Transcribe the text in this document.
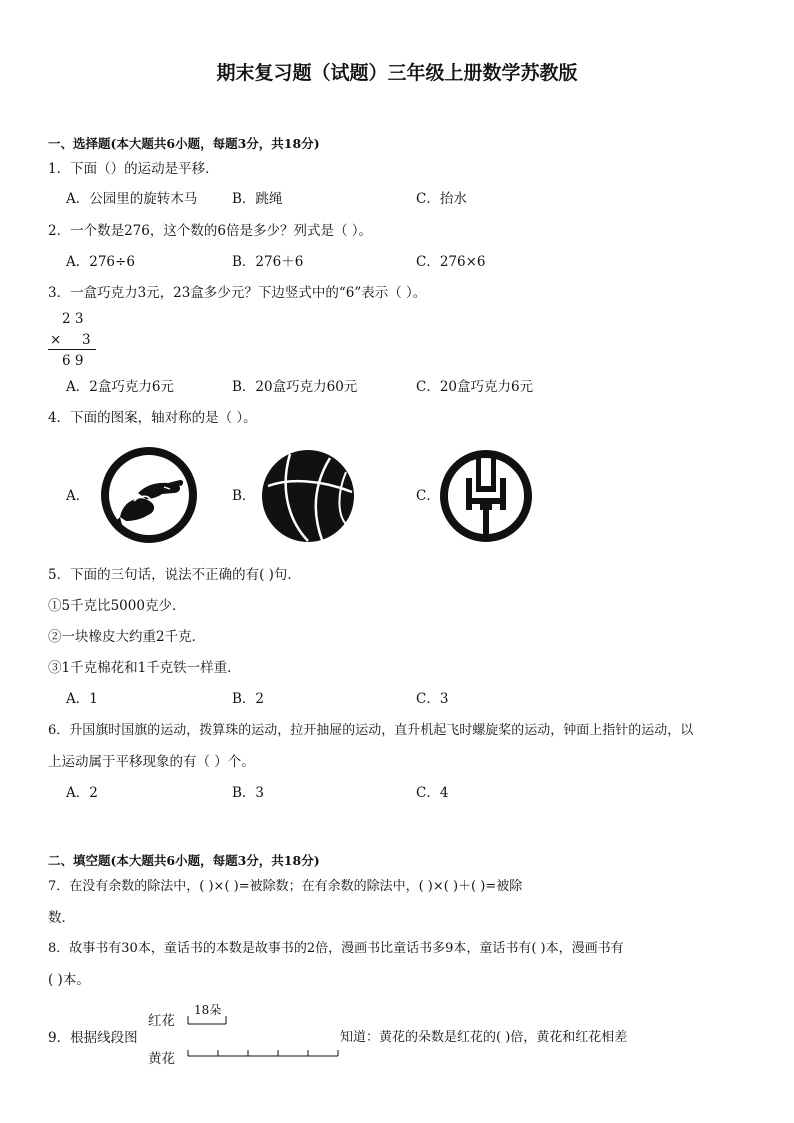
期末复习题（试题）三年级上册数学苏教版
一、选择题(本大题共6小题，每题3分，共18分)
1．下面（）的运动是平移．
A．公园里的旋转木马	B．跳绳	C．抬水
2．一个数是276，这个数的6倍是多少？列式是（ ）。
A．276÷6	B．276＋6	C．276×6
3．一盒巧克力3元，23盒多少元？下边竖式中的“6”表示（ ）。
2 3
× 3
6 9
A．2盒巧克力6元	B．20盒巧克力60元	C．20盒巧克力6元
4．下面的图案，轴对称的是（ ）。
A．	B．	C．
5．下面的三句话，说法不正确的有( )句．
①5千克比5000克少．
②一块橡皮大约重2千克．
③1千克棉花和1千克铁一样重．
A．1	B．2	C．3
6．升国旗时国旗的运动，拨算珠的运动，拉开抽屉的运动，直升机起飞时螺旋桨的运动，钟面上指针的运动，以
上运动属于平移现象的有（ ）个。
A．2	B．3	C．4
二、填空题(本大题共6小题，每题3分，共18分)
7．在没有余数的除法中，( )×( )=被除数；在有余数的除法中，( )×( )＋( )=被除
数．
8．故事书有30本，童话书的本数是故事书的2倍，漫画书比童话书多9本，童话书有( )本，漫画书有
( )本。
9．根据线段图
红花
黄花
18朵
知道：黄花的朵数是红花的( )倍，黄花和红花相差
